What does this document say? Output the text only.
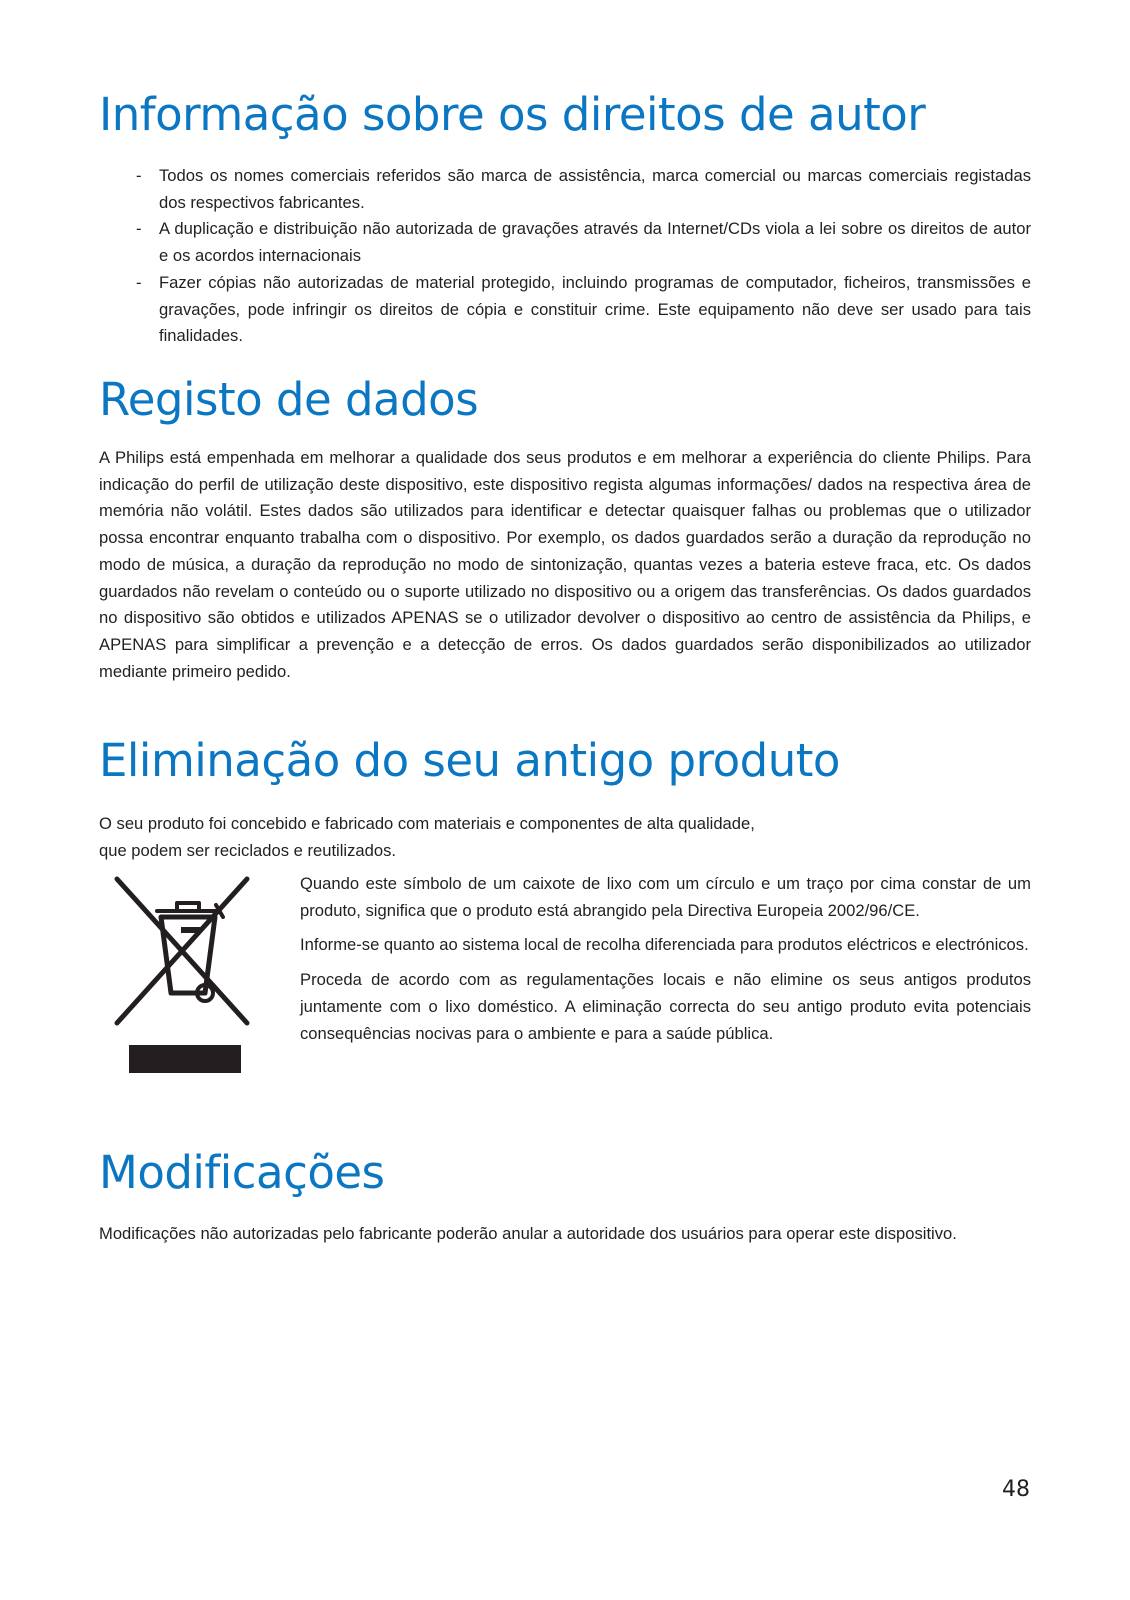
Informação sobre os direitos de autor
- Todos os nomes comerciais referidos são marca de assistência, marca comercial ou marcas comerciais registadas dos respectivos fabricantes.
- A duplicação e distribuição não autorizada de gravações através da Internet/CDs viola a lei sobre os direitos de autor e os acordos internacionais
- Fazer cópias não autorizadas de material protegido, incluindo programas de computador, ficheiros, transmissões e gravações, pode infringir os direitos de cópia e constituir crime. Este equipamento não deve ser usado para tais finalidades.
Registo de dados

A Philips está empenhada em melhorar a qualidade dos seus produtos e em melhorar a experiência do cliente Philips. Para indicação do perfil de utilização deste dispositivo, este dispositivo regista algumas informações/ dados na respectiva área de memória não volátil. Estes dados são utilizados para identificar e detectar quaisquer falhas ou problemas que o utilizador possa encontrar enquanto trabalha com o dispositivo. Por exemplo, os dados guardados serão a duração da reprodução no modo de música, a duração da reprodução no modo de sintonização, quantas vezes a bateria esteve fraca, etc. Os dados guardados não revelam o conteúdo ou o suporte utilizado no dispositivo ou a origem das transferências. Os dados guardados no dispositivo são obtidos e utilizados APENAS se o utilizador devolver o dispositivo ao centro de assistência da Philips, e APENAS para simplificar a prevenção e a detecção de erros. Os dados guardados serão disponibilizados ao utilizador mediante primeiro pedido.

Eliminação do seu antigo produto
O seu produto foi concebido e fabricado com materiais e componentes de alta qualidade,
que podem ser reciclados e reutilizados.

Quando este símbolo de um caixote de lixo com um círculo e um traço por cima constar de um produto, significa que o produto está abrangido pela Directiva Europeia 2002/96/CE.

Informe-se quanto ao sistema local de recolha diferenciada para produtos eléctricos e electrónicos.

Proceda de acordo com as regulamentações locais e não elimine os seus antigos produtos juntamente com o lixo doméstico. A eliminação correcta do seu antigo produto evita potenciais consequências nocivas para o ambiente e para a saúde pública.

Modificações

Modificações não autorizadas pelo fabricante poderão anular a autoridade dos usuários para operar este dispositivo.

48
